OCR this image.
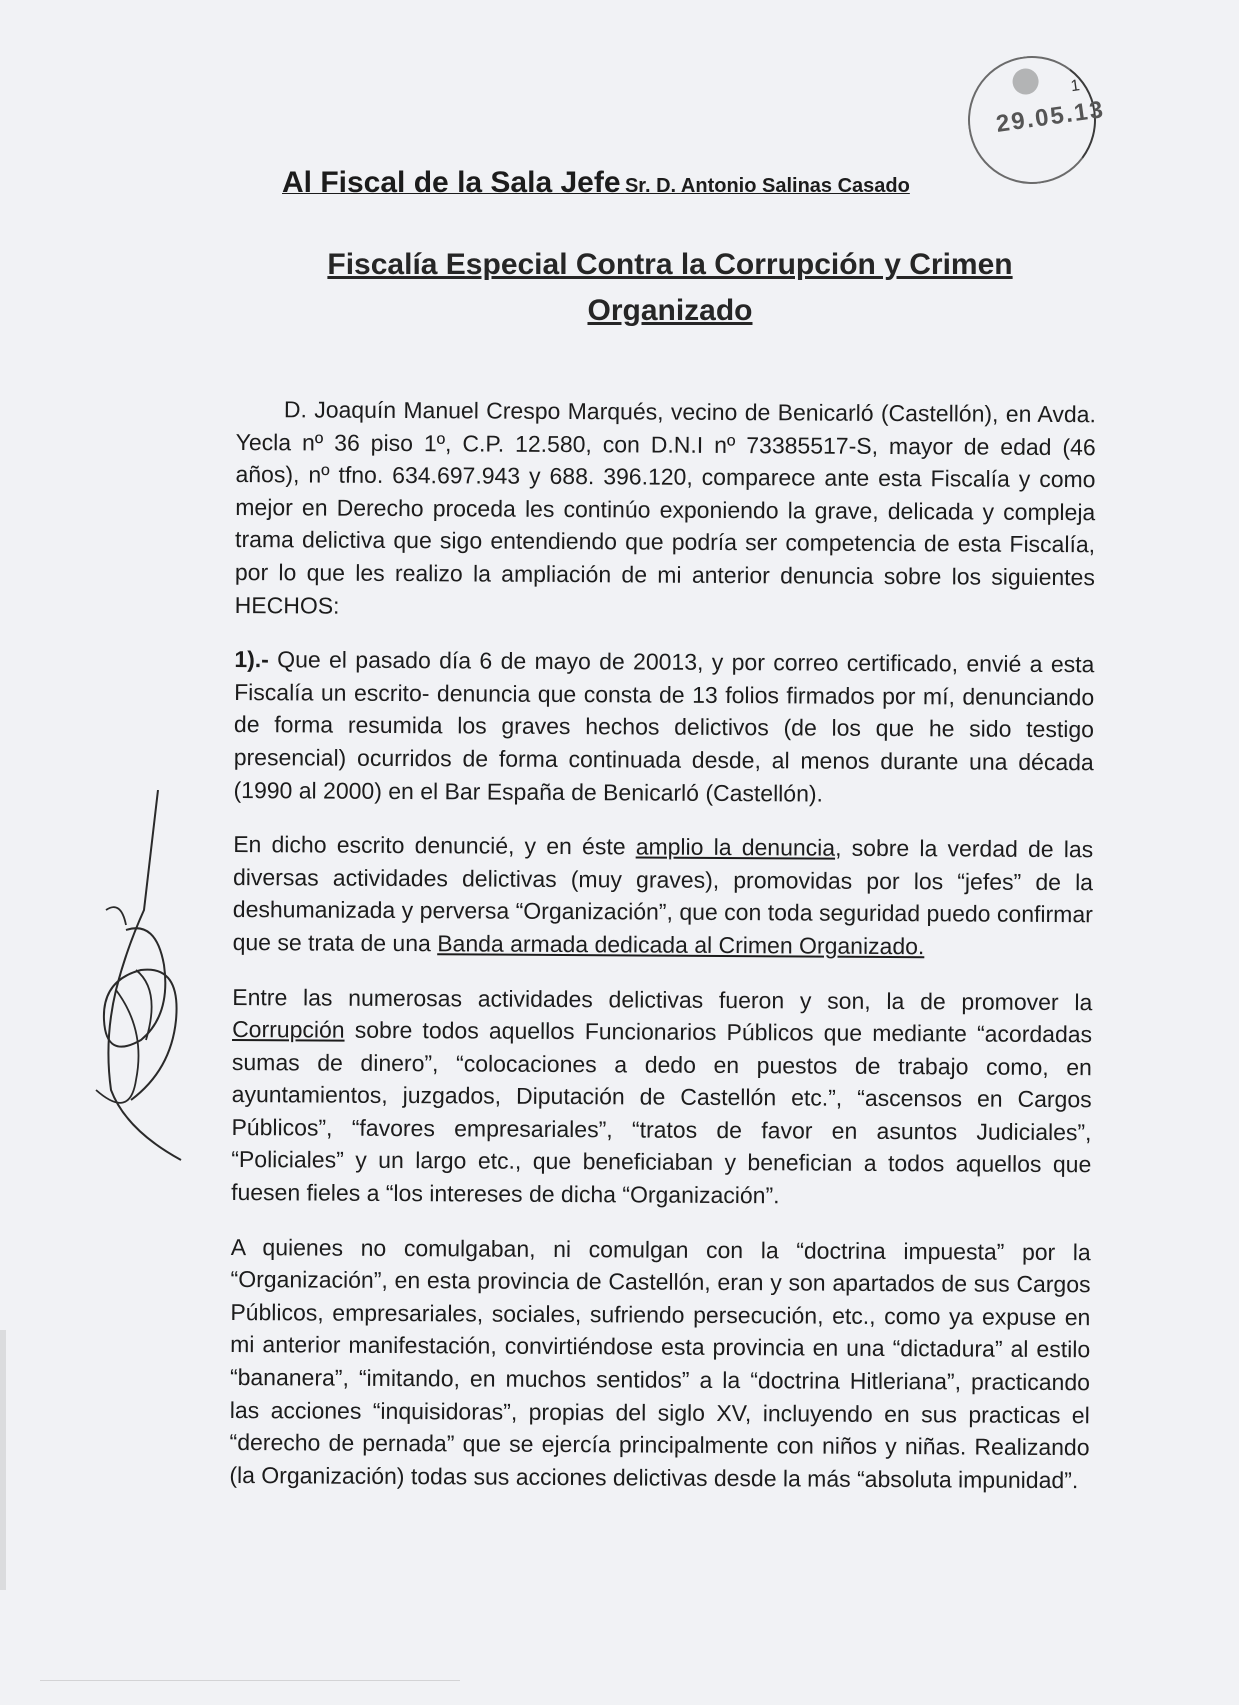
1
29.05.13
Al Fiscal de la Sala Jefe Sr. D. Antonio Salinas Casado
Fiscalía Especial Contra la Corrupción y Crimen Organizado

D. Joaquín Manuel Crespo Marqués, vecino de Benicarló (Castellón), en Avda. Yecla nº 36 piso 1º, C.P. 12.580, con D.N.I nº 73385517-S, mayor de edad (46 años), nº tfno. 634.697.943 y 688. 396.120, comparece ante esta Fiscalía y como mejor en Derecho proceda les continúo exponiendo la grave, delicada y compleja trama delictiva que sigo entendiendo que podría ser competencia de esta Fiscalía, por lo que les realizo la ampliación de mi anterior denuncia sobre los siguientes HECHOS:

1).- Que el pasado día 6 de mayo de 20013, y por correo certificado, envié a esta Fiscalía un escrito- denuncia que consta de 13 folios firmados por mí, denunciando de forma resumida los graves hechos delictivos (de los que he sido testigo presencial) ocurridos de forma continuada desde, al menos durante una década (1990 al 2000) en el Bar España de Benicarló (Castellón).

En dicho escrito denuncié, y en éste amplio la denuncia, sobre la verdad de las diversas actividades delictivas (muy graves), promovidas por los “jefes” de la deshumanizada y perversa “Organización”, que con toda seguridad puedo confirmar que se trata de una Banda armada dedicada al Crimen Organizado.

Entre las numerosas actividades delictivas fueron y son, la de promover la Corrupción sobre todos aquellos Funcionarios Públicos que mediante “acordadas sumas de dinero”, “colocaciones a dedo en puestos de trabajo como, en ayuntamientos, juzgados, Diputación de Castellón etc.”, “ascensos en Cargos Públicos”, “favores empresariales”, “tratos de favor en asuntos Judiciales”, “Policiales” y un largo etc., que beneficiaban y benefician a todos aquellos que fuesen fieles a “los intereses de dicha “Organización”.

A quienes no comulgaban, ni comulgan con la “doctrina impuesta” por la “Organización”, en esta provincia de Castellón, eran y son apartados de sus Cargos Públicos, empresariales, sociales, sufriendo persecución, etc., como ya expuse en mi anterior manifestación, convirtiéndose esta provincia en una “dictadura” al estilo “bananera”, “imitando, en muchos sentidos” a la “doctrina Hitleriana”, practicando las acciones “inquisidoras”, propias del siglo XV, incluyendo en sus practicas el “derecho de pernada” que se ejercía principalmente con niños y niñas. Realizando (la Organización) todas sus acciones delictivas desde la más “absoluta impunidad”.
